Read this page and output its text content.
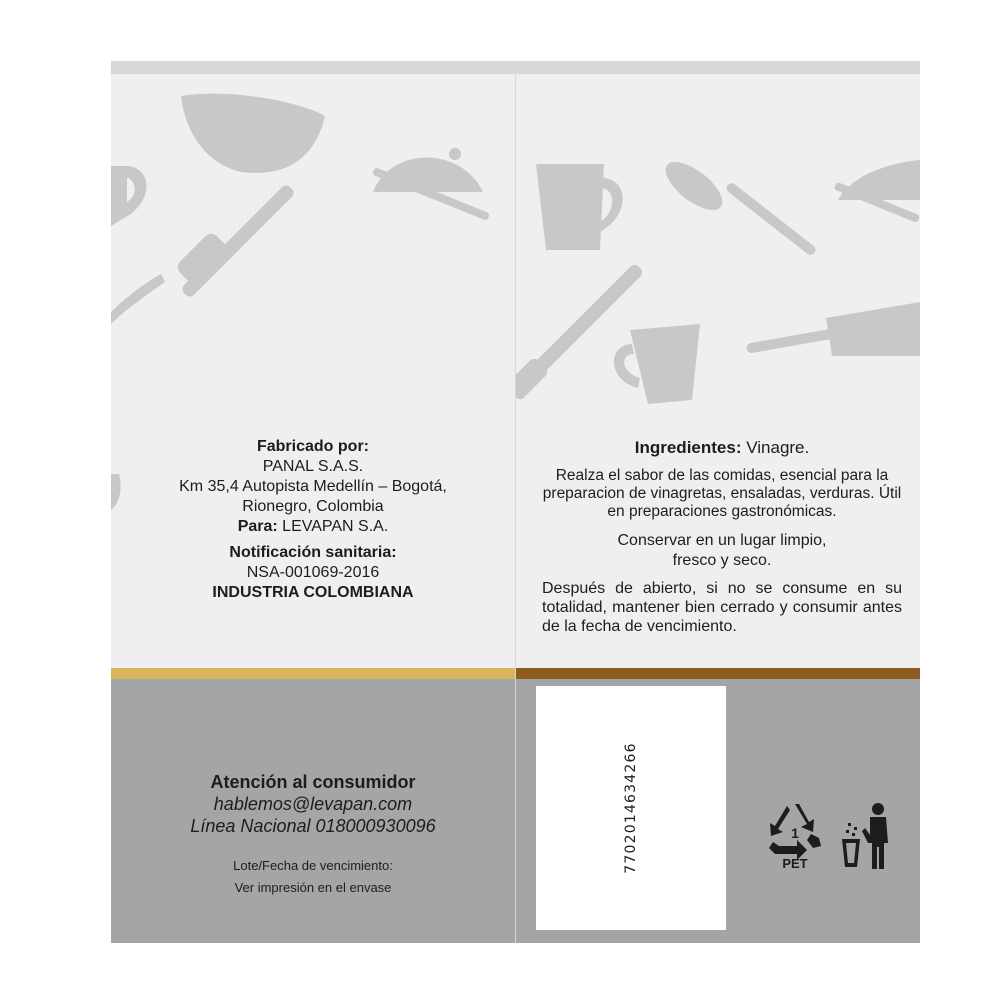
Fabricado por:

PANAL S.A.S.

Km 35,4 Autopista Medellín – Bogotá,

Rionegro, Colombia

Para: LEVAPAN S.A.

Notificación sanitaria:

NSA-001069-2016

INDUSTRIA COLOMBIANA

Atención al consumidor

hablemos@levapan.com

Línea Nacional 018000930096

Lote/Fecha de vencimiento:

Ver impresión en el envase

Ingredientes: Vinagre.

Realza el sabor de las comidas, esencial para la preparacion de vinagretas, ensaladas, verduras. Útil en preparaciones gastronómicas.

Conservar en un lugar limpio,

fresco y seco.

Después de abierto, si no se consume en su totalidad, mantener bien cerrado y consumir antes de la fecha de vencimiento.

7702014634266	1
PET
